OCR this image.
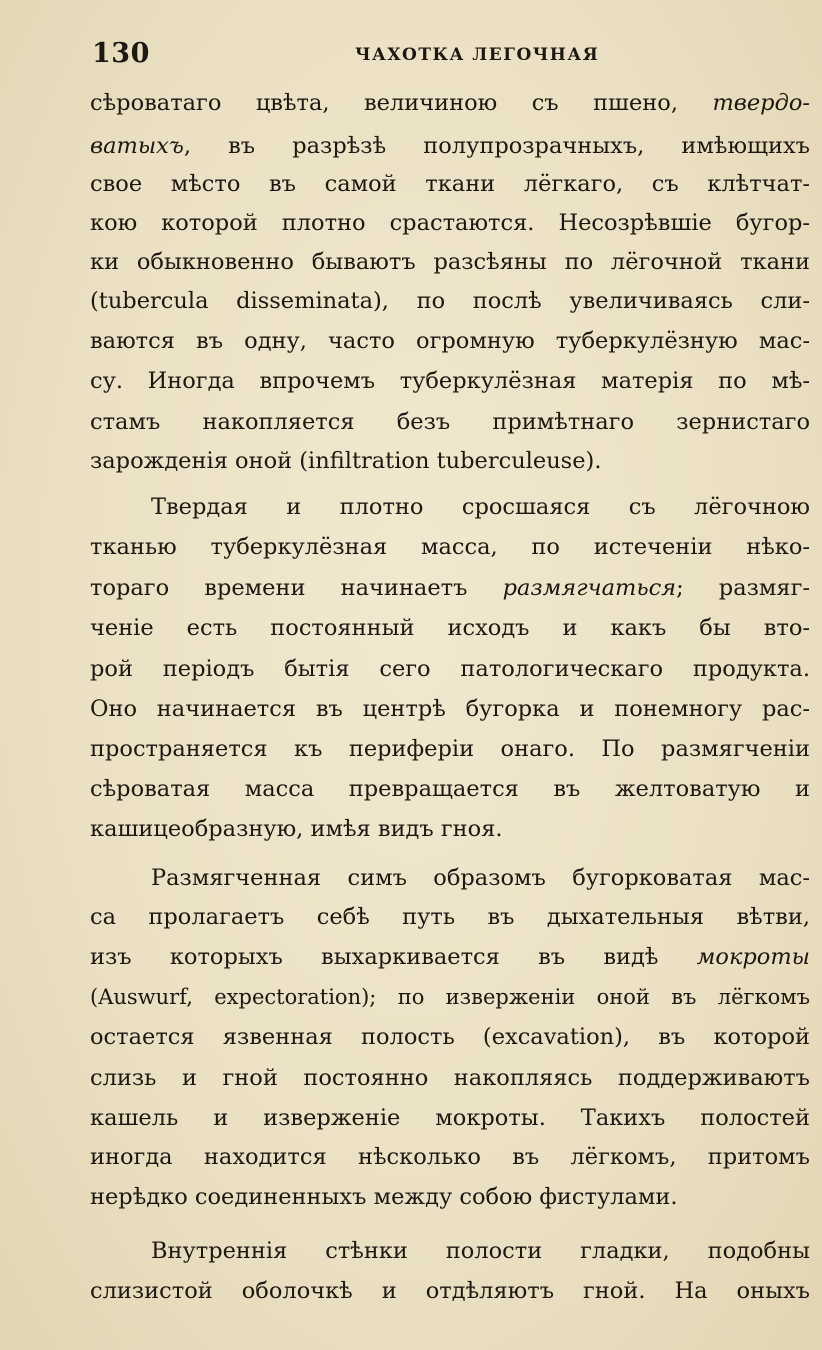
130	ЧАХОТКА ЛЕГОЧНАЯ
сѣроватаго цвѣта, величиною съ пшено, твердо-
ватыхъ, въ разрѣзѣ полупрозрачныхъ, имѣющихъ
свое мѣсто въ самой ткани лёгкаго, съ клѣтчат-
кою которой плотно срастаются. Несозрѣвшіе бугор-
ки обыкновенно бываютъ разсѣяны по лёгочной ткани
(tubercula disseminata), по послѣ увеличиваясь сли-
ваются въ одну, часто огромную туберкулёзную мас-
су. Иногда впрочемъ туберкулёзная матерія по мѣ-
стамъ накопляется безъ примѣтнаго зернистаго
зарожденія оной (infiltration tuberculeuse).
Твердая и плотно сросшаяся съ лёгочною
тканью туберкулёзная масса, по истеченіи нѣко-
тораго времени начинаетъ размягчаться; размяг-
ченіе есть постоянный исходъ и какъ бы вто-
рой періодъ бытія сего патологическаго продукта.
Оно начинается въ центрѣ бугорка и понемногу рас-
пространяется къ периферіи онаго. По размягченіи
сѣроватая масса превращается въ желтоватую и
кашицеобразную, имѣя видъ гноя.
Размягченная симъ образомъ бугорковатая мас-
са пролагаетъ себѣ путь въ дыхательныя вѣтви,
изъ которыхъ выхаркивается въ видѣ мокроты
(Auswurf, expectoration); по изверженіи оной въ лёгкомъ
остается язвенная полость (excavation), въ которой
слизь и гной постоянно накопляясь поддерживаютъ
кашель и изверженіе мокроты. Такихъ полостей
иногда находится нѣсколько въ лёгкомъ, притомъ
нерѣдко соединенныхъ между собою фистулами.
Внутреннія стѣнки полости гладки, подобны
слизистой оболочкѣ и отдѣляютъ гной. На оныхъ
